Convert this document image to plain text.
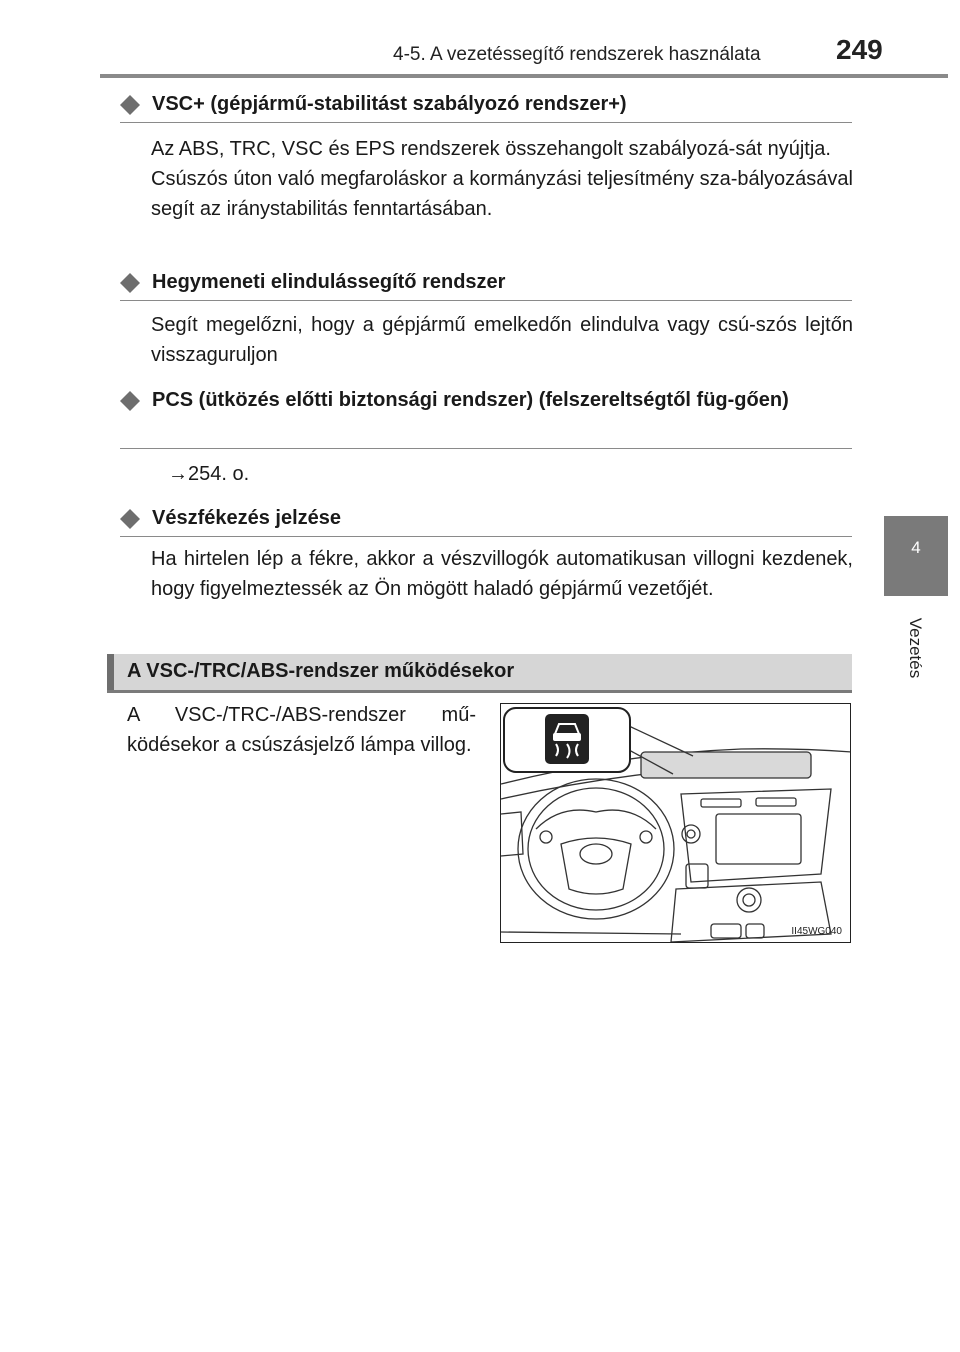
4-5. A vezetéssegítő rendszerek használata	249
4
Vezetés
VSC+ (gépjármű-stabilitást szabályozó rendszer+)

Az ABS, TRC, VSC és EPS rendszerek összehangolt szabályozá-sát nyújtja.

Csúszós úton való megfaroláskor a kormányzási teljesítmény sza-bályozásával segít az iránystabilitás fenntartásában.

Hegymeneti elindulássegítő rendszer

Segít megelőzni, hogy a gépjármű emelkedőn elindulva vagy csú-szós lejtőn visszaguruljon

PCS (ütközés előtti biztonsági rendszer) (felszereltségtől füg-gően)
→254. o.
Vészfékezés jelzése

Ha hirtelen lép a fékre, akkor a vészvillogók automatikusan villogni kezdenek, hogy figyelmeztessék az Ön mögött haladó gépjármű vezetőjét.

A VSC-/TRC/ABS-rendszer működésekor
A VSC-/TRC-/ABS-rendszer mű-ködésekor a csúszásjelző lámpa villog.
II45WG040
